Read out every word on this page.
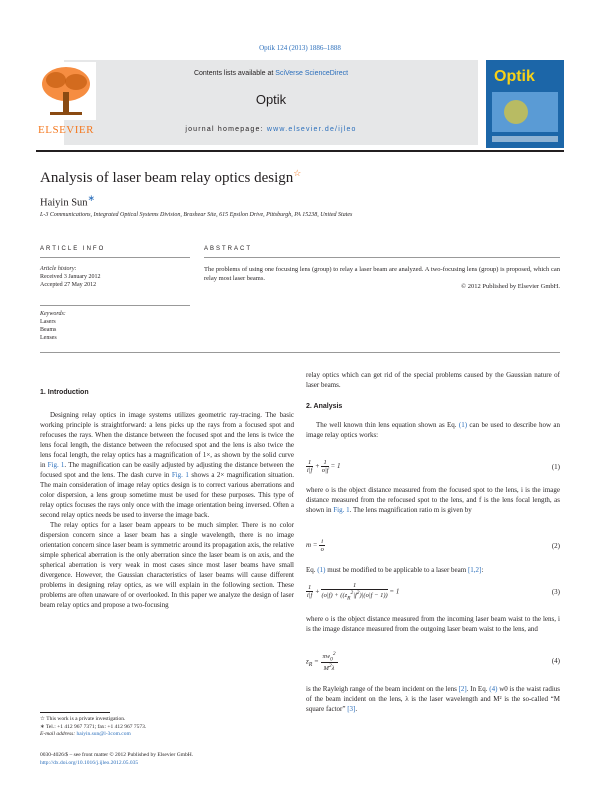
Optik 124 (2013) 1886–1888
ELSEVIER
Contents lists available at SciVerse ScienceDirect
Optik
journal homepage: www.elsevier.de/ijleo
Optik
Analysis of laser beam relay optics design☆
Haiyin Sun∗
L-3 Communications, Integrated Optical Systems Division, Brashear Site, 615 Epsilon Drive, Pittsburgh, PA 15238, United States
ARTICLE INFO	ABSTRACT
Article history:
Received 3 January 2012
Accepted 27 May 2012
Keywords:
Lasers
Beams
Lenses
The problems of using one focusing lens (group) to relay a laser beam are analyzed. A two-focusing lens (group) is proposed, which can relay most laser beams.
© 2012 Published by Elsevier GmbH.
1. Introduction

Designing relay optics in image systems utilizes geometric ray-tracing. The basic working principle is straightforward: a lens picks up the rays from a focused spot and refocuses the rays. When the distance between the focused spot and the lens is twice the lens focal length, the distance between the refocused spot and the lens is also twice the lens focal length, the relay optics has a magnification of 1×, as shown by the solid curve in Fig. 1. The magnification can be easily adjusted by adjusting the distance between the focused spot and the lens. The dash curve in Fig. 1 shows a 2× magnification situation. The main consideration of image relay optics design is to correct various aberrations and color dispersion, a lens group sometime must be used for these purposes. This type of relay optics focuses the rays only once with the image orientation being inversed. Often a second relay optics needs be used to inverse the image back.

The relay optics for a laser beam appears to be much simpler. There is no color dispersion concern since a laser beam has a single wavelength, there is no image orientation concern since laser beam is symmetric around its propagation axis, the relative simple spherical aberration is the only aberration since the laser beam is on axis, and the spherical aberration is very weak in most cases since most laser beams have small divergence. However, the Gaussian characteristics of laser beams will cause different problems in designing relay optics, as we will explain in the following section. These problems are often unaware of or overlooked. In this paper we analyze the design of laser beam relay optics and propose a two-focusing

relay optics which can get rid of the special problems caused by the Gaussian nature of laser beams.

2. Analysis

The well known thin lens equation shown as Eq. (1) can be used to describe how an image relay optics works:

$\frac{1}{i|f} + \frac{1}{o|f} = 1$	(1)
where o is the object distance measured from the focused spot to the lens, i is the image distance measured from the refocused spot to the lens, and f is the lens focal length, as shown in Fig. 1. The lens magnification ratio m is given by
$m = \frac{i}{o}$	(2)
Eq. (1) must be modified to be applicable to a laser beam [1,2]:
$\frac{1}{i|f} + \frac{1}{(o|f) + ((z_R^2|f^2)|(o|f - 1))} = 1$	(3)
where o is the object distance measured from the incoming laser beam waist to the lens, i is the image distance measured from the outgoing laser beam waist to the lens, and
$z_R = \frac{\pi w_0^2}{M^2\lambda}$	(4)
is the Rayleigh range of the beam incident on the lens [2]. In Eq. (4) w0 is the waist radius of the beam incident on the lens, λ is the laser wavelength and M² is the so-called “M square factor” [3].
☆ This work is a private investigation.
∗ Tel.: +1 412 967 7371; fax: +1 412 967 7573.
E-mail address: haiyin.sun@l-3com.com
0030-4026/$ – see front matter © 2012 Published by Elsevier GmbH.
http://dx.doi.org/10.1016/j.ijleo.2012.05.035
